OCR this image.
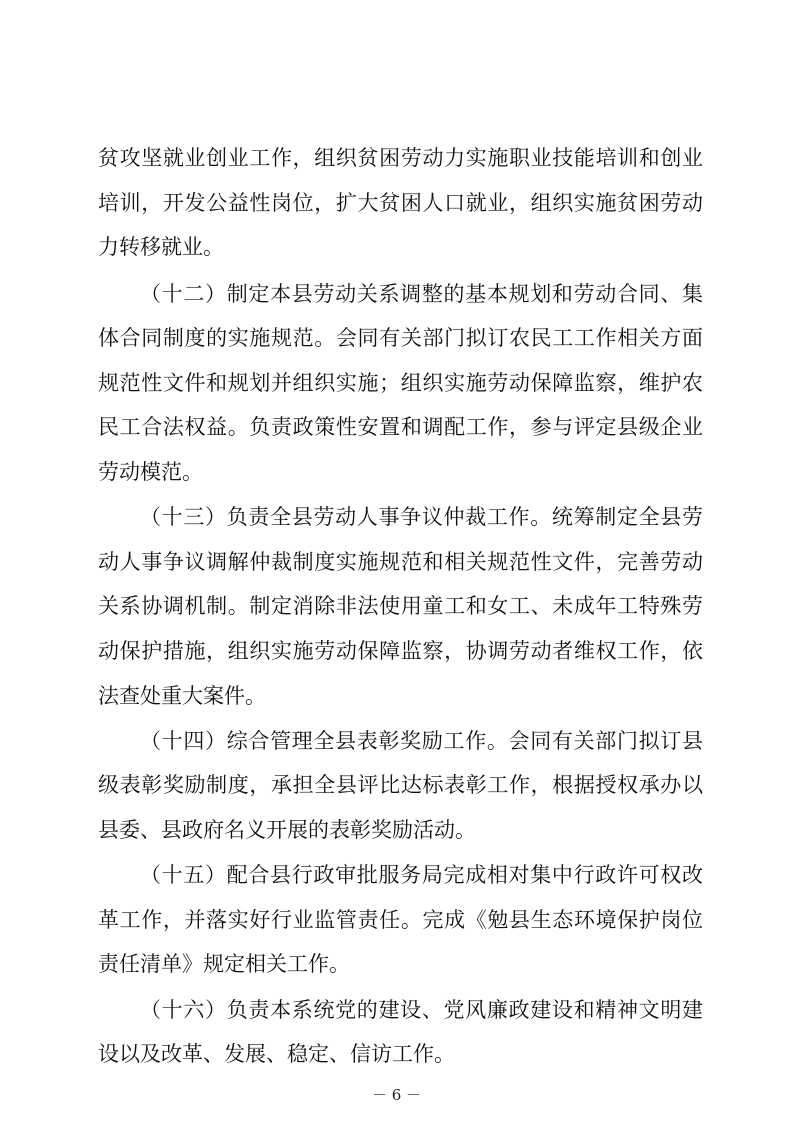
贫攻坚就业创业工作，组织贫困劳动力实施职业技能培训和创业
培训，开发公益性岗位，扩大贫困人口就业，组织实施贫困劳动
力转移就业。
（十二）制定本县劳动关系调整的基本规划和劳动合同、集
体合同制度的实施规范。会同有关部门拟订农民工工作相关方面
规范性文件和规划并组织实施；组织实施劳动保障监察，维护农
民工合法权益。负责政策性安置和调配工作，参与评定县级企业
劳动模范。
（十三）负责全县劳动人事争议仲裁工作。统筹制定全县劳
动人事争议调解仲裁制度实施规范和相关规范性文件，完善劳动
关系协调机制。制定消除非法使用童工和女工、未成年工特殊劳
动保护措施，组织实施劳动保障监察，协调劳动者维权工作，依
法查处重大案件。
（十四）综合管理全县表彰奖励工作。会同有关部门拟订县
级表彰奖励制度，承担全县评比达标表彰工作，根据授权承办以
县委、县政府名义开展的表彰奖励活动。
（十五）配合县行政审批服务局完成相对集中行政许可权改
革工作，并落实好行业监管责任。完成《勉县生态环境保护岗位
责任清单》规定相关工作。
（十六）负责本系统党的建设、党风廉政建设和精神文明建
设以及改革、发展、稳定、信访工作。
－ 6 －
